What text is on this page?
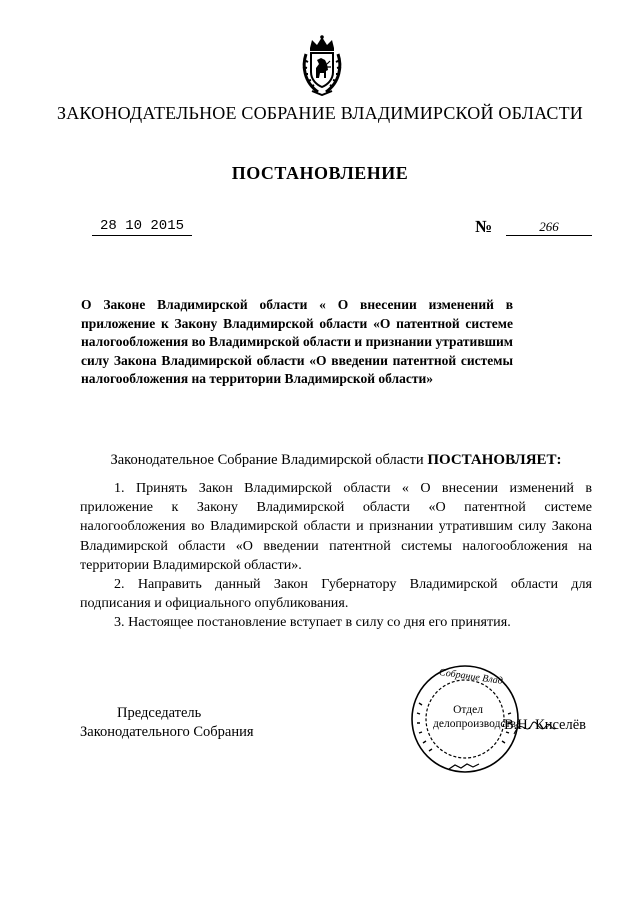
ЗАКОНОДАТЕЛЬНОЕ СОБРАНИЕ ВЛАДИМИРСКОЙ ОБЛАСТИ
ПОСТАНОВЛЕНИЕ
28 10 2015	№	266
О Законе Владимирской области « О внесении изменений в приложение к Закону Владимирской области «О патентной системе налогообложения во Владимирской области и признании утратившим силу Закона Владимирской области «О введении патентной системы налогообложения на территории Владимирской области»
Законодательное Собрание Владимирской области ПОСТАНОВЛЯЕТ:

1. Принять Закон Владимирской области « О внесении изменений в приложение к Закону Владимирской области «О патентной системе налогообложения во Владимирской области и признании утратившим силу Закона Владимирской области «О введении патентной системы налогообложения на территории Владимирской области».

2. Направить данный Закон Губернатору Владимирской области для подписания и официального опубликования.

3. Настоящее постановление вступает в силу со дня его принятия.

Председатель
Законодательного Собрания
Собрание Влад
Отдел
делопроизводства
В.Н. Киселёв
